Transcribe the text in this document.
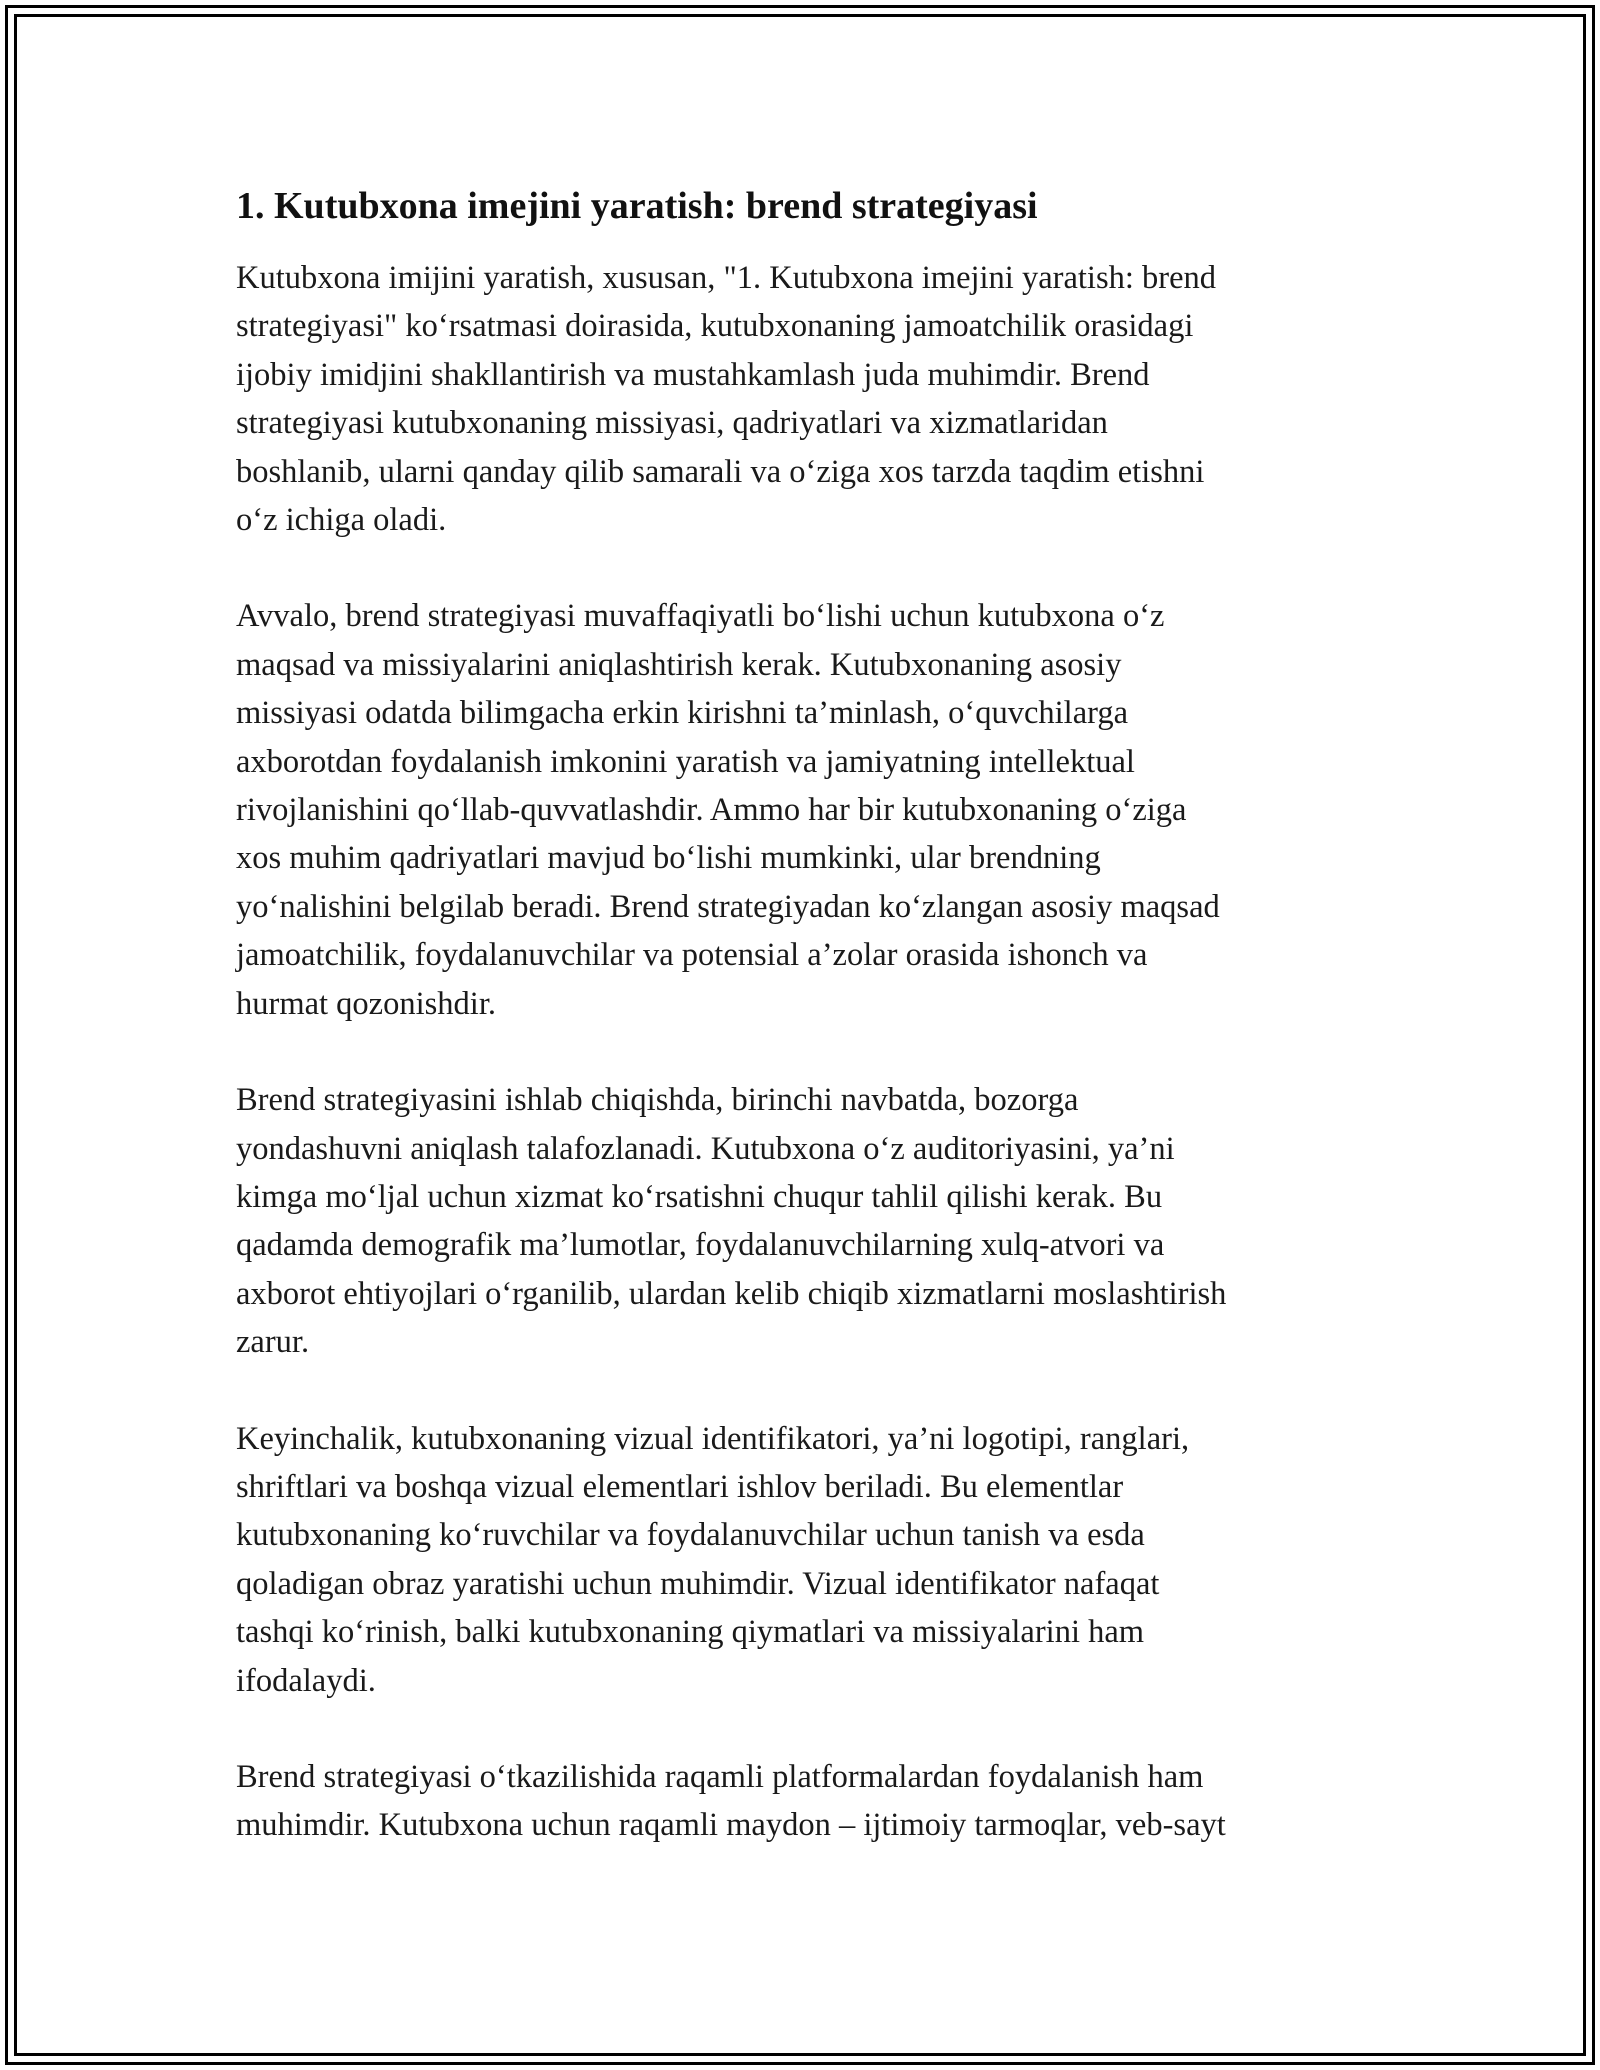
1. Kutubxona imejini yaratish: brend strategiyasi

Kutubxona imijini yaratish, xususan, "1. Kutubxona imejini yaratish: brend
strategiyasi" ko‘rsatmasi doirasida, kutubxonaning jamoatchilik orasidagi
ijobiy imidjini shakllantirish va mustahkamlash juda muhimdir. Brend
strategiyasi kutubxonaning missiyasi, qadriyatlari va xizmatlaridan
boshlanib, ularni qanday qilib samarali va o‘ziga xos tarzda taqdim etishni
o‘z ichiga oladi.

Avvalo, brend strategiyasi muvaffaqiyatli bo‘lishi uchun kutubxona o‘z
maqsad va missiyalarini aniqlashtirish kerak. Kutubxonaning asosiy
missiyasi odatda bilimgacha erkin kirishni ta’minlash, o‘quvchilarga
axborotdan foydalanish imkonini yaratish va jamiyatning intellektual
rivojlanishini qo‘llab-quvvatlashdir. Ammo har bir kutubxonaning o‘ziga
xos muhim qadriyatlari mavjud bo‘lishi mumkinki, ular brendning
yo‘nalishini belgilab beradi. Brend strategiyadan ko‘zlangan asosiy maqsad
jamoatchilik, foydalanuvchilar va potensial a’zolar orasida ishonch va
hurmat qozonishdir.

Brend strategiyasini ishlab chiqishda, birinchi navbatda, bozorga
yondashuvni aniqlash talafozlanadi. Kutubxona o‘z auditoriyasini, ya’ni
kimga mo‘ljal uchun xizmat ko‘rsatishni chuqur tahlil qilishi kerak. Bu
qadamda demografik ma’lumotlar, foydalanuvchilarning xulq-atvori va
axborot ehtiyojlari o‘rganilib, ulardan kelib chiqib xizmatlarni moslashtirish
zarur.

Keyinchalik, kutubxonaning vizual identifikatori, ya’ni logotipi, ranglari,
shriftlari va boshqa vizual elementlari ishlov beriladi. Bu elementlar
kutubxonaning ko‘ruvchilar va foydalanuvchilar uchun tanish va esda
qoladigan obraz yaratishi uchun muhimdir. Vizual identifikator nafaqat
tashqi ko‘rinish, balki kutubxonaning qiymatlari va missiyalarini ham
ifodalaydi.

Brend strategiyasi o‘tkazilishida raqamli platformalardan foydalanish ham
muhimdir. Kutubxona uchun raqamli maydon – ijtimoiy tarmoqlar, veb-sayt
